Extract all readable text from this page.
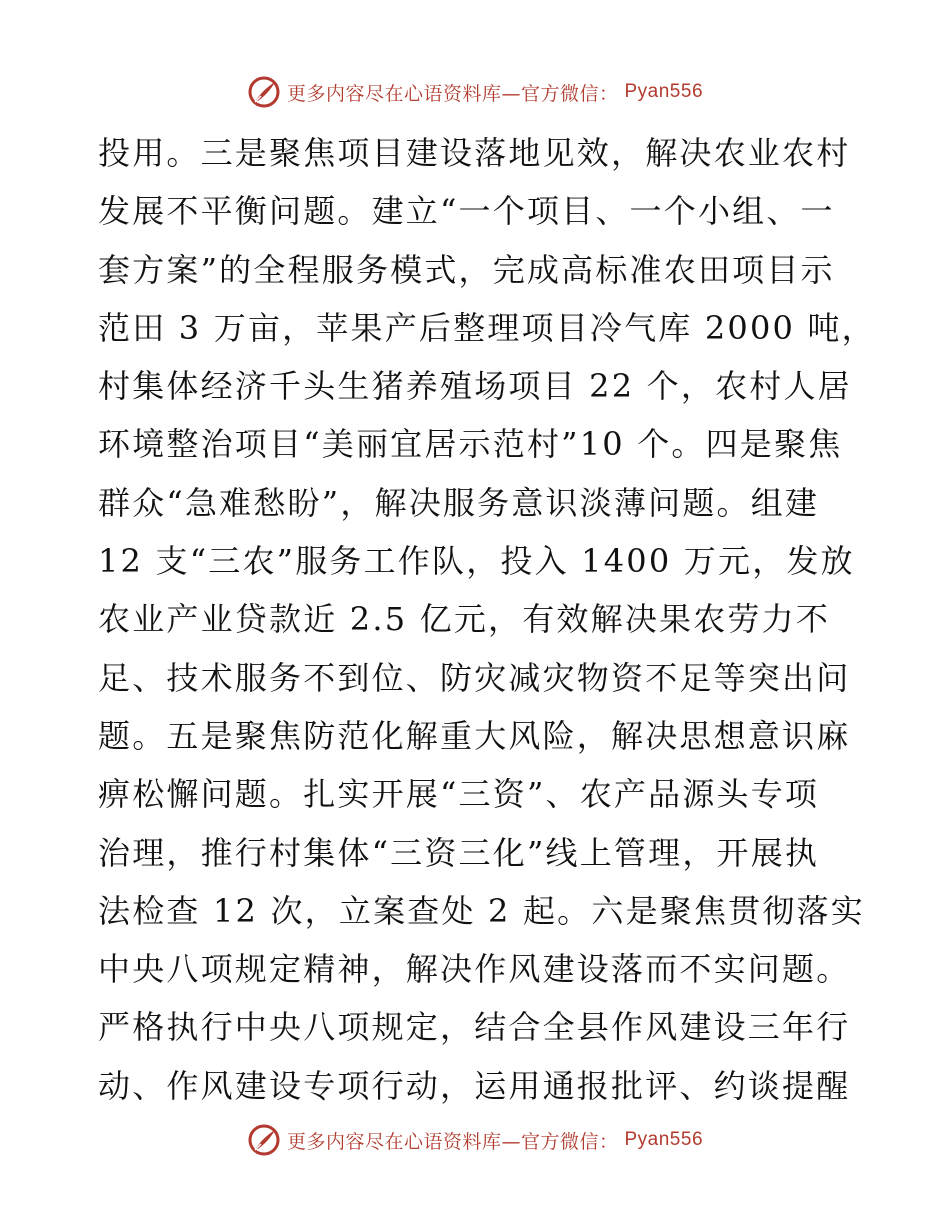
更多内容尽在心语资料库—官方微信： Pyan556
投用。三是聚焦项目建设落地见效，解决农业农村
发展不平衡问题。建立“一个项目、一个小组、一
套方案”的全程服务模式，完成高标准农田项目示
范田 3 万亩，苹果产后整理项目冷气库 2000 吨，
村集体经济千头生猪养殖场项目 22 个，农村人居
环境整治项目“美丽宜居示范村”10 个。四是聚焦
群众“急难愁盼”，解决服务意识淡薄问题。组建
12 支“三农”服务工作队，投入 1400 万元，发放
农业产业贷款近 2.5 亿元，有效解决果农劳力不
足、技术服务不到位、防灾减灾物资不足等突出问
题。五是聚焦防范化解重大风险，解决思想意识麻
痹松懈问题。扎实开展“三资”、农产品源头专项
治理，推行村集体“三资三化”线上管理，开展执
法检查 12 次，立案查处 2 起。六是聚焦贯彻落实
中央八项规定精神，解决作风建设落而不实问题。
严格执行中央八项规定，结合全县作风建设三年行
动、作风建设专项行动，运用通报批评、约谈提醒
更多内容尽在心语资料库—官方微信： Pyan556
